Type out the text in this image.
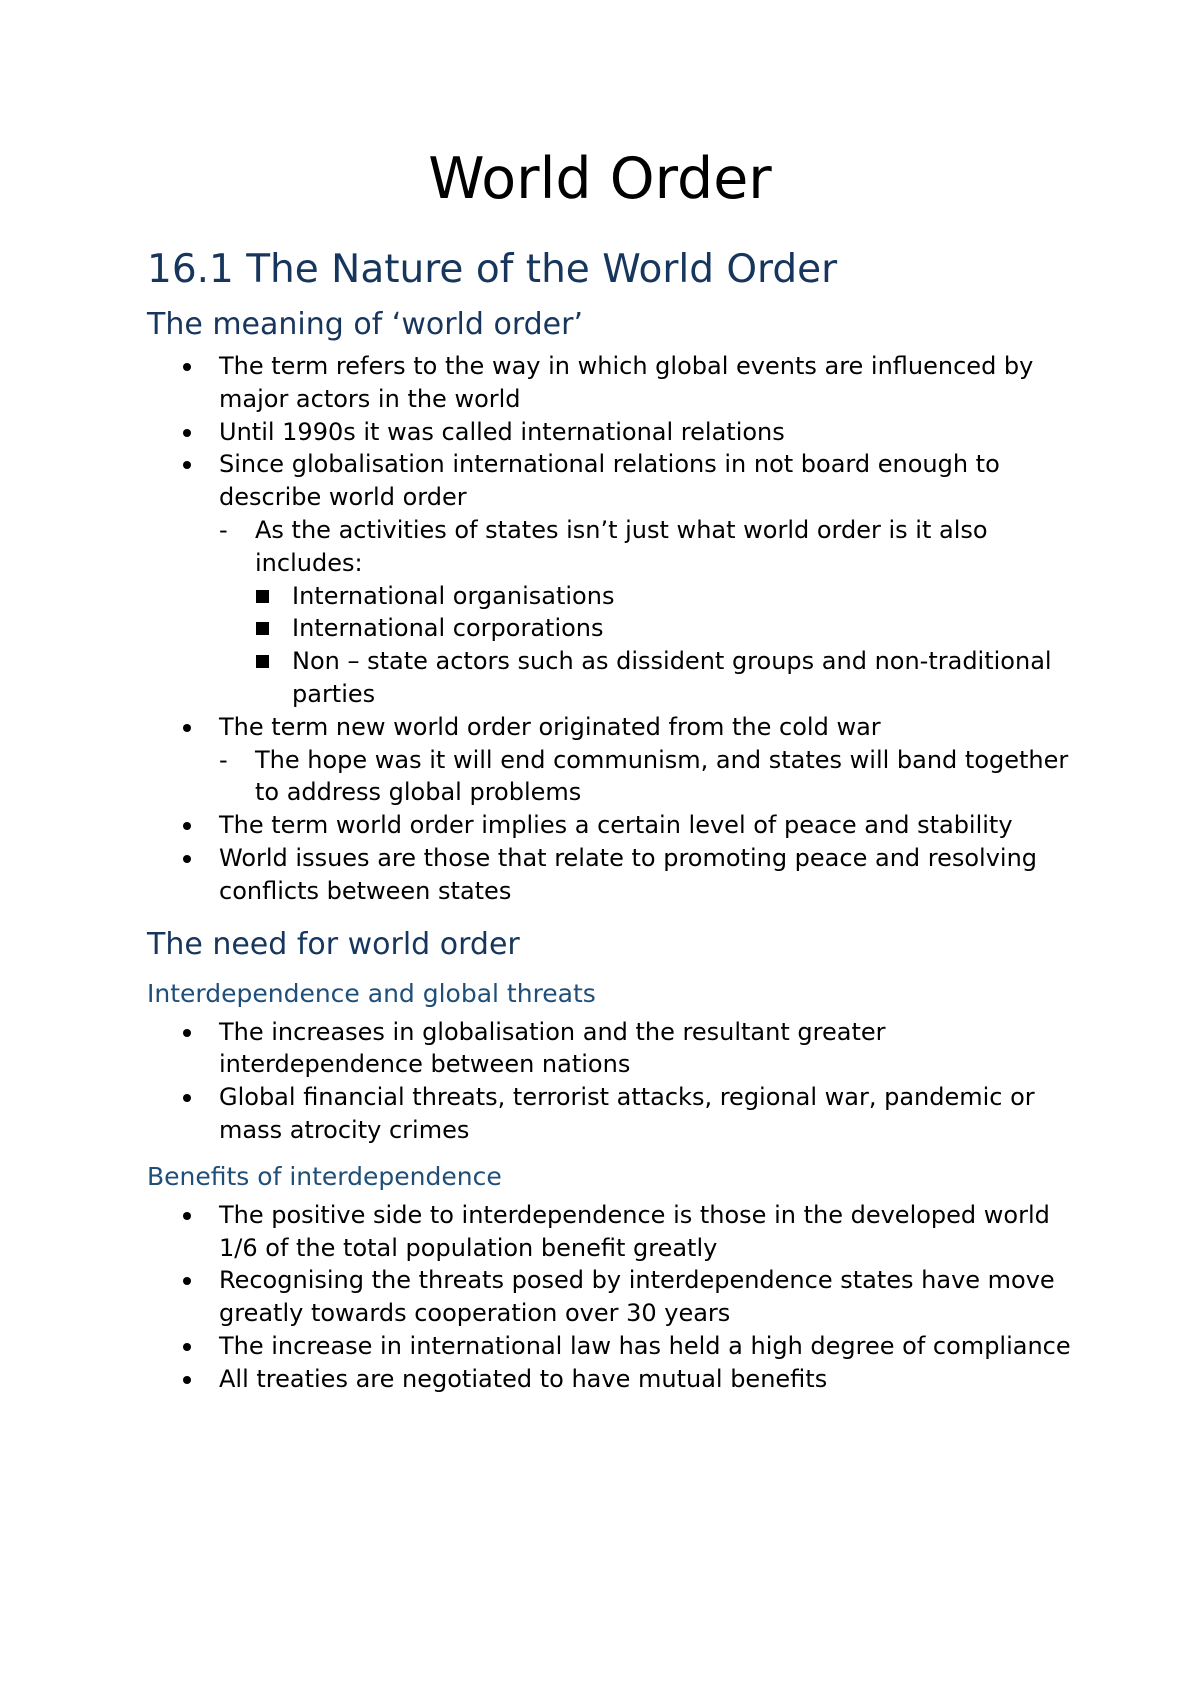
World Order
16.1 The Nature of the World Order
The meaning of ‘world order’
The term refers to the way in which global events are influenced by major actors in the world
Until 1990s it was called international relations
Since globalisation international relations in not board enough to describe world order
-	As the activities of states isn’t just what world order is it also includes:
International organisations
International corporations
Non – state actors such as dissident groups and non-traditional parties
The term new world order originated from the cold war
-	The hope was it will end communism, and states will band together to address global problems
The term world order implies a certain level of peace and stability
World issues are those that relate to promoting peace and resolving conflicts between states
The need for world order
Interdependence and global threats
The increases in globalisation and the resultant greater interdependence between nations
Global financial threats, terrorist attacks, regional war, pandemic or mass atrocity crimes
Benefits of interdependence
The positive side to interdependence is those in the developed world 1/6 of the total population benefit greatly
Recognising the threats posed by interdependence states have move greatly towards cooperation over 30 years
The increase in international law has held a high degree of compliance
All treaties are negotiated to have mutual benefits
